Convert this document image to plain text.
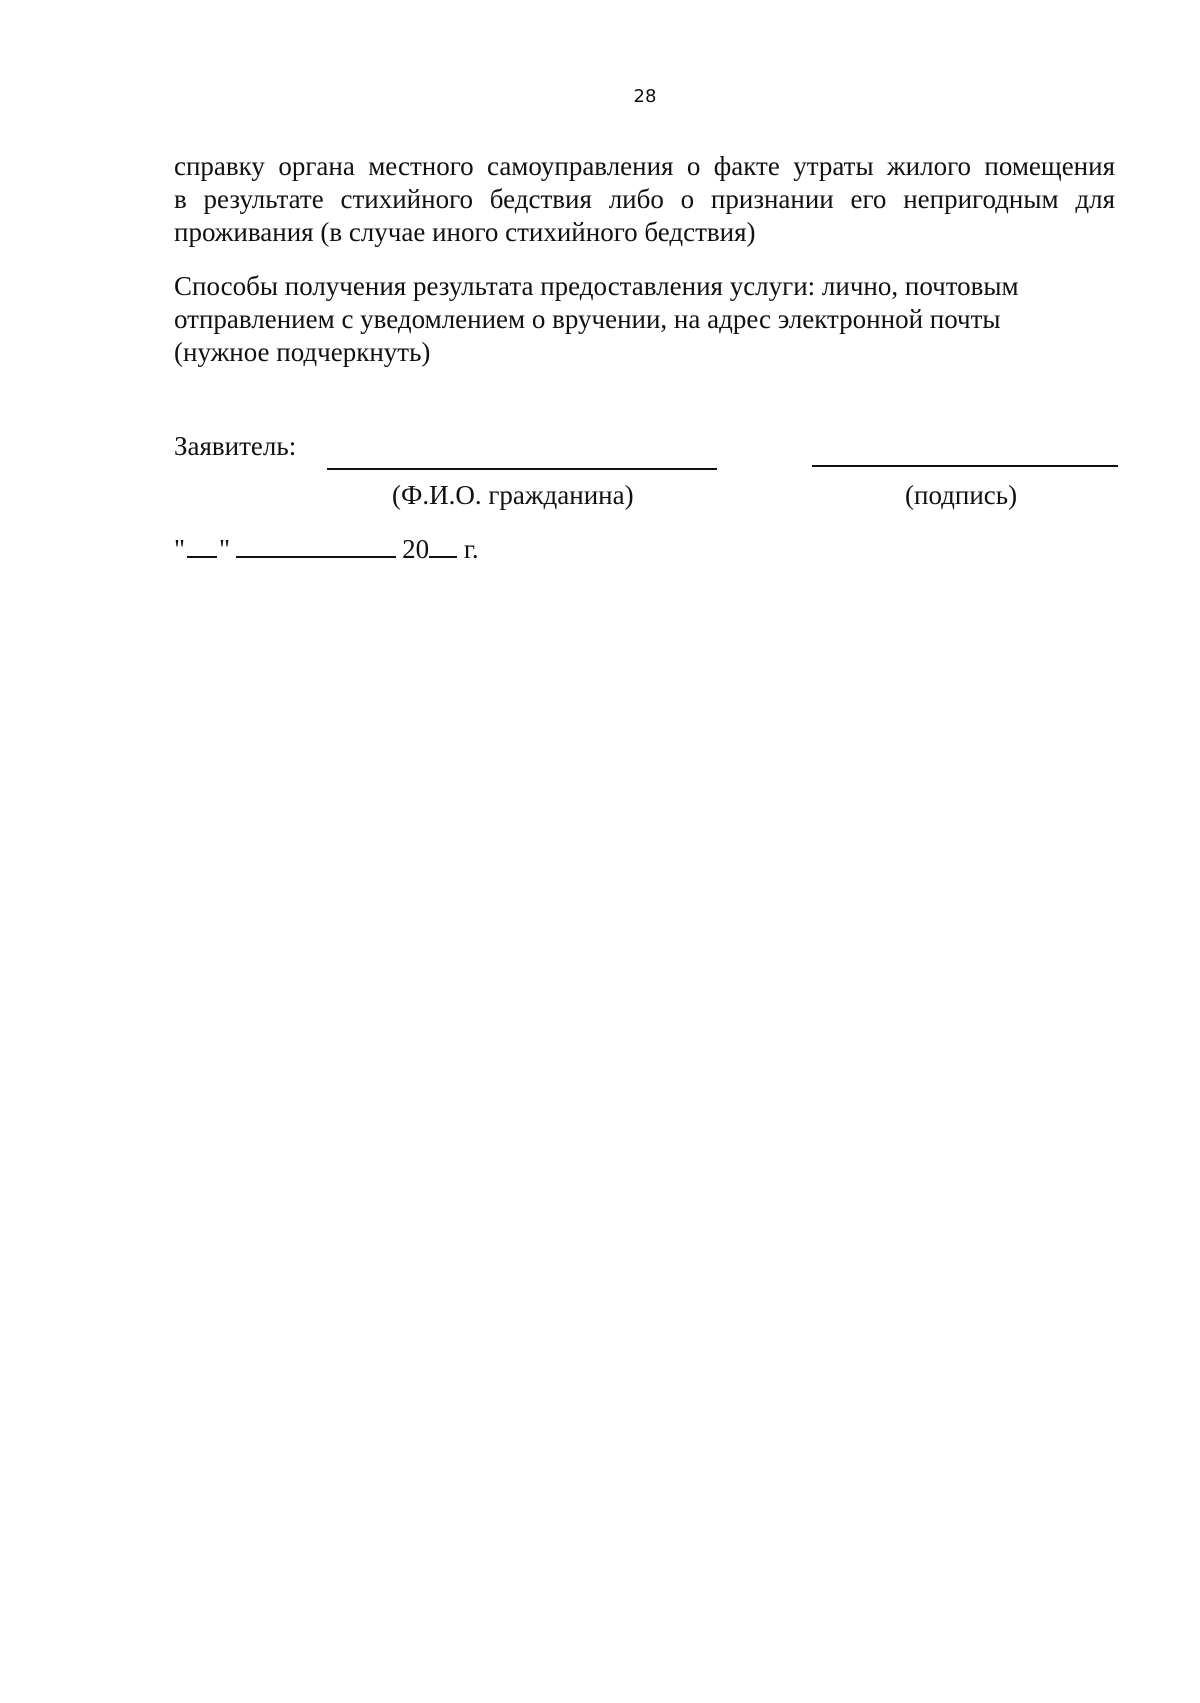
28
справку органа местного самоуправления о факте утраты жилого помещения
в результате стихийного бедствия либо о признании его непригодным для
проживания (в случае иного стихийного бедствия)
Способы получения результата предоставления услуги: лично, почтовым
отправлением с уведомлением о вручении, на адрес электронной почты
(нужное подчеркнуть)
Заявитель:
(Ф.И.О. гражданина)	(подпись)
" "	20 г.
